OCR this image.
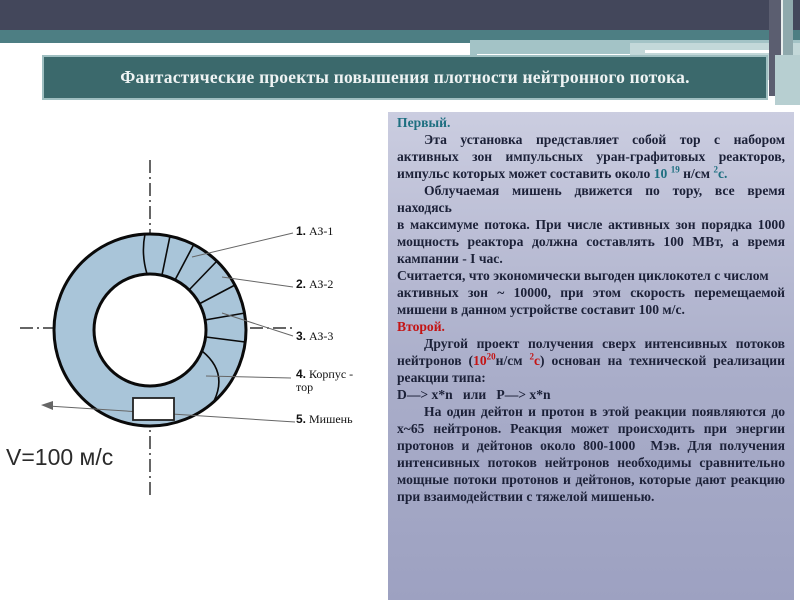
Фантастические проекты повышения плотности нейтронного потока.
1. АЗ-1
2. АЗ-2
3. АЗ-3
4. Корпус - тор
5. Мишень
V=100 м/с
Первый.
Эта установка представляет собой тор с набором активных зон импульсных уран-графитовых реакторов, импульс которых может составить около 10 $^{19}$ н/см $^2$с.
Облучаемая мишень движется по тору, все время находясь
в максимуме потока. При числе активных зон порядка 1000 мощность реактора должна составлять 100 МВт, а время кампании - I час.
Считается, что экономически выгоден циклокотел с числом
активных зон ~ 10000, при этом скорость перемещаемой мишени в данном устройстве составит 100 м/с.
Второй.
Другой проект получения сверх интенсивных потоков нейтронов ($10^{20}н/см$ $^2$с) основан на технической реализации реакции типа:
D—> x*n   или   P—> x*n
На один дейтон и протон в этой реакции появляются до x~65 нейтронов. Реакция может происходить при энергии протонов и дейтонов около 800-1000  Мэв. Для получения интенсивных потоков нейтронов необходимы сравнительно мощные потоки протонов и дейтонов, которые дают реакцию при взаимодействии с тяжелой мишенью.
